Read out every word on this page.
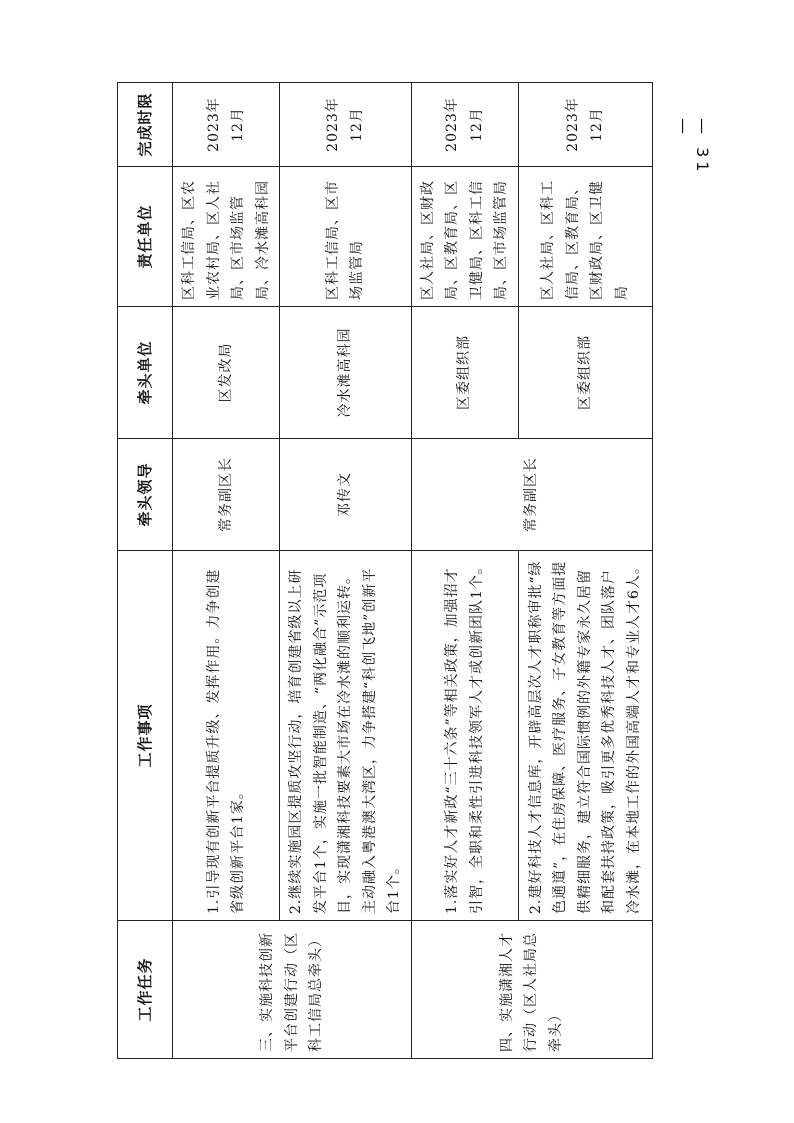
工作任务	工作事项	牵头领导	牵头单位	责任单位	完成时限
三、实施科技创新平台创建行动（区科工信局总牵头）	1.引导现有创新平台提质升级、发挥作用。力争创建省级创新平台1家。	常务副区长	区发改局	区科工信局、区农业农村局、区人社局、区市场监管局、冷水滩高科园	2023年12月
	2.继续实施园区提质攻坚行动，培育创建省级以上研发平台1个，实施一批智能制造、“两化融合”示范项目，实现潇湘科技要素大市场在冷水滩的顺利运转。主动融入粤港澳大湾区，力争搭建“科创飞地”创新平台1个。	邓传文	冷水滩高科园	区科工信局、区市场监管局	2023年12月
四、实施潇湘人才行动（区人社局总牵头）	1.落实好人才新政“三十六条”等相关政策，加强招才引智，全职和柔性引进科技领军人才或创新团队1个。	常务副区长	区委组织部	区人社局、区财政局、区教育局、区卫健局、区科工信局、区市场监管局	2023年12月
	2.建好科技人才信息库，开辟高层次人才职称审批“绿色通道”，在住房保障、医疗服务、子女教育等方面提供精细服务，建立符合国际惯例的外籍专家永久居留和配套扶持政策，吸引更多优秀科技人才、团队落户冷水滩，在本地工作的外国高端人才和专业人才6人。		区委组织部	区人社局、区科工信局、区教育局、区财政局、区卫健局	2023年12月	— 31 —
